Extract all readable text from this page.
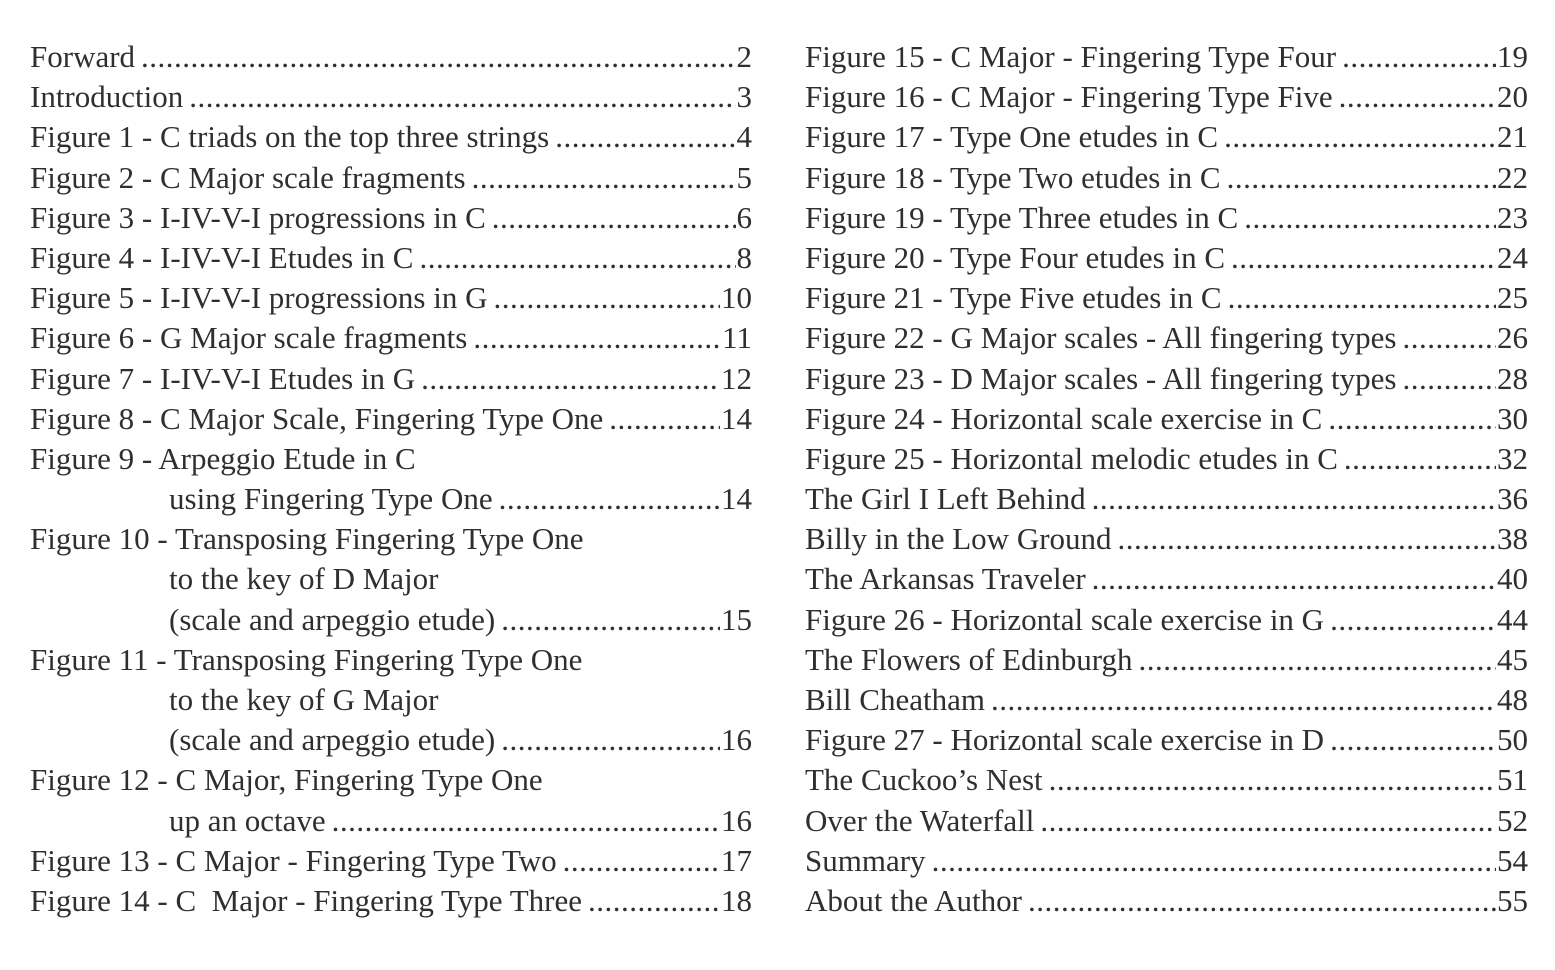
Forward .....	2
Introduction .....	3
Figure 1 - C triads on the top three strings .....	4
Figure 2 - C Major scale fragments .....	5
Figure 3 - I-IV-V-I progressions in C .....	6
Figure 4 - I-IV-V-I Etudes in C .....	8
Figure 5 - I-IV-V-I progressions in G .....	10
Figure 6 - G Major scale fragments .....	11
Figure 7 - I-IV-V-I Etudes in G .....	12
Figure 8 - C Major Scale, Fingering Type One .....	14
Figure 9 - Arpeggio Etude in C
using Fingering Type One .....	14
Figure 10 - Transposing Fingering Type One
to the key of D Major
(scale and arpeggio etude) .....	15
Figure 11 - Transposing Fingering Type One
to the key of G Major
(scale and arpeggio etude) .....	16
Figure 12 - C Major, Fingering Type One
up an octave .....	16
Figure 13 - C Major - Fingering Type Two .....	17
Figure 14 - C  Major - Fingering Type Three .....	18
Figure 15 - C Major - Fingering Type Four .....	19
Figure 16 - C Major - Fingering Type Five .....	20
Figure 17 - Type One etudes in C .....	21
Figure 18 - Type Two etudes in C .....	22
Figure 19 - Type Three etudes in C .....	23
Figure 20 - Type Four etudes in C .....	24
Figure 21 - Type Five etudes in C .....	25
Figure 22 - G Major scales - All fingering types .....	26
Figure 23 - D Major scales - All fingering types .....	28
Figure 24 - Horizontal scale exercise in C .....	30
Figure 25 - Horizontal melodic etudes in C .....	32
The Girl I Left Behind .....	36
Billy in the Low Ground .....	38
The Arkansas Traveler .....	40
Figure 26 - Horizontal scale exercise in G .....	44
The Flowers of Edinburgh .....	45
Bill Cheatham .....	48
Figure 27 - Horizontal scale exercise in D .....	50
The Cuckoo’s Nest .....	51
Over the Waterfall .....	52
Summary .....	54
About the Author .....	55
